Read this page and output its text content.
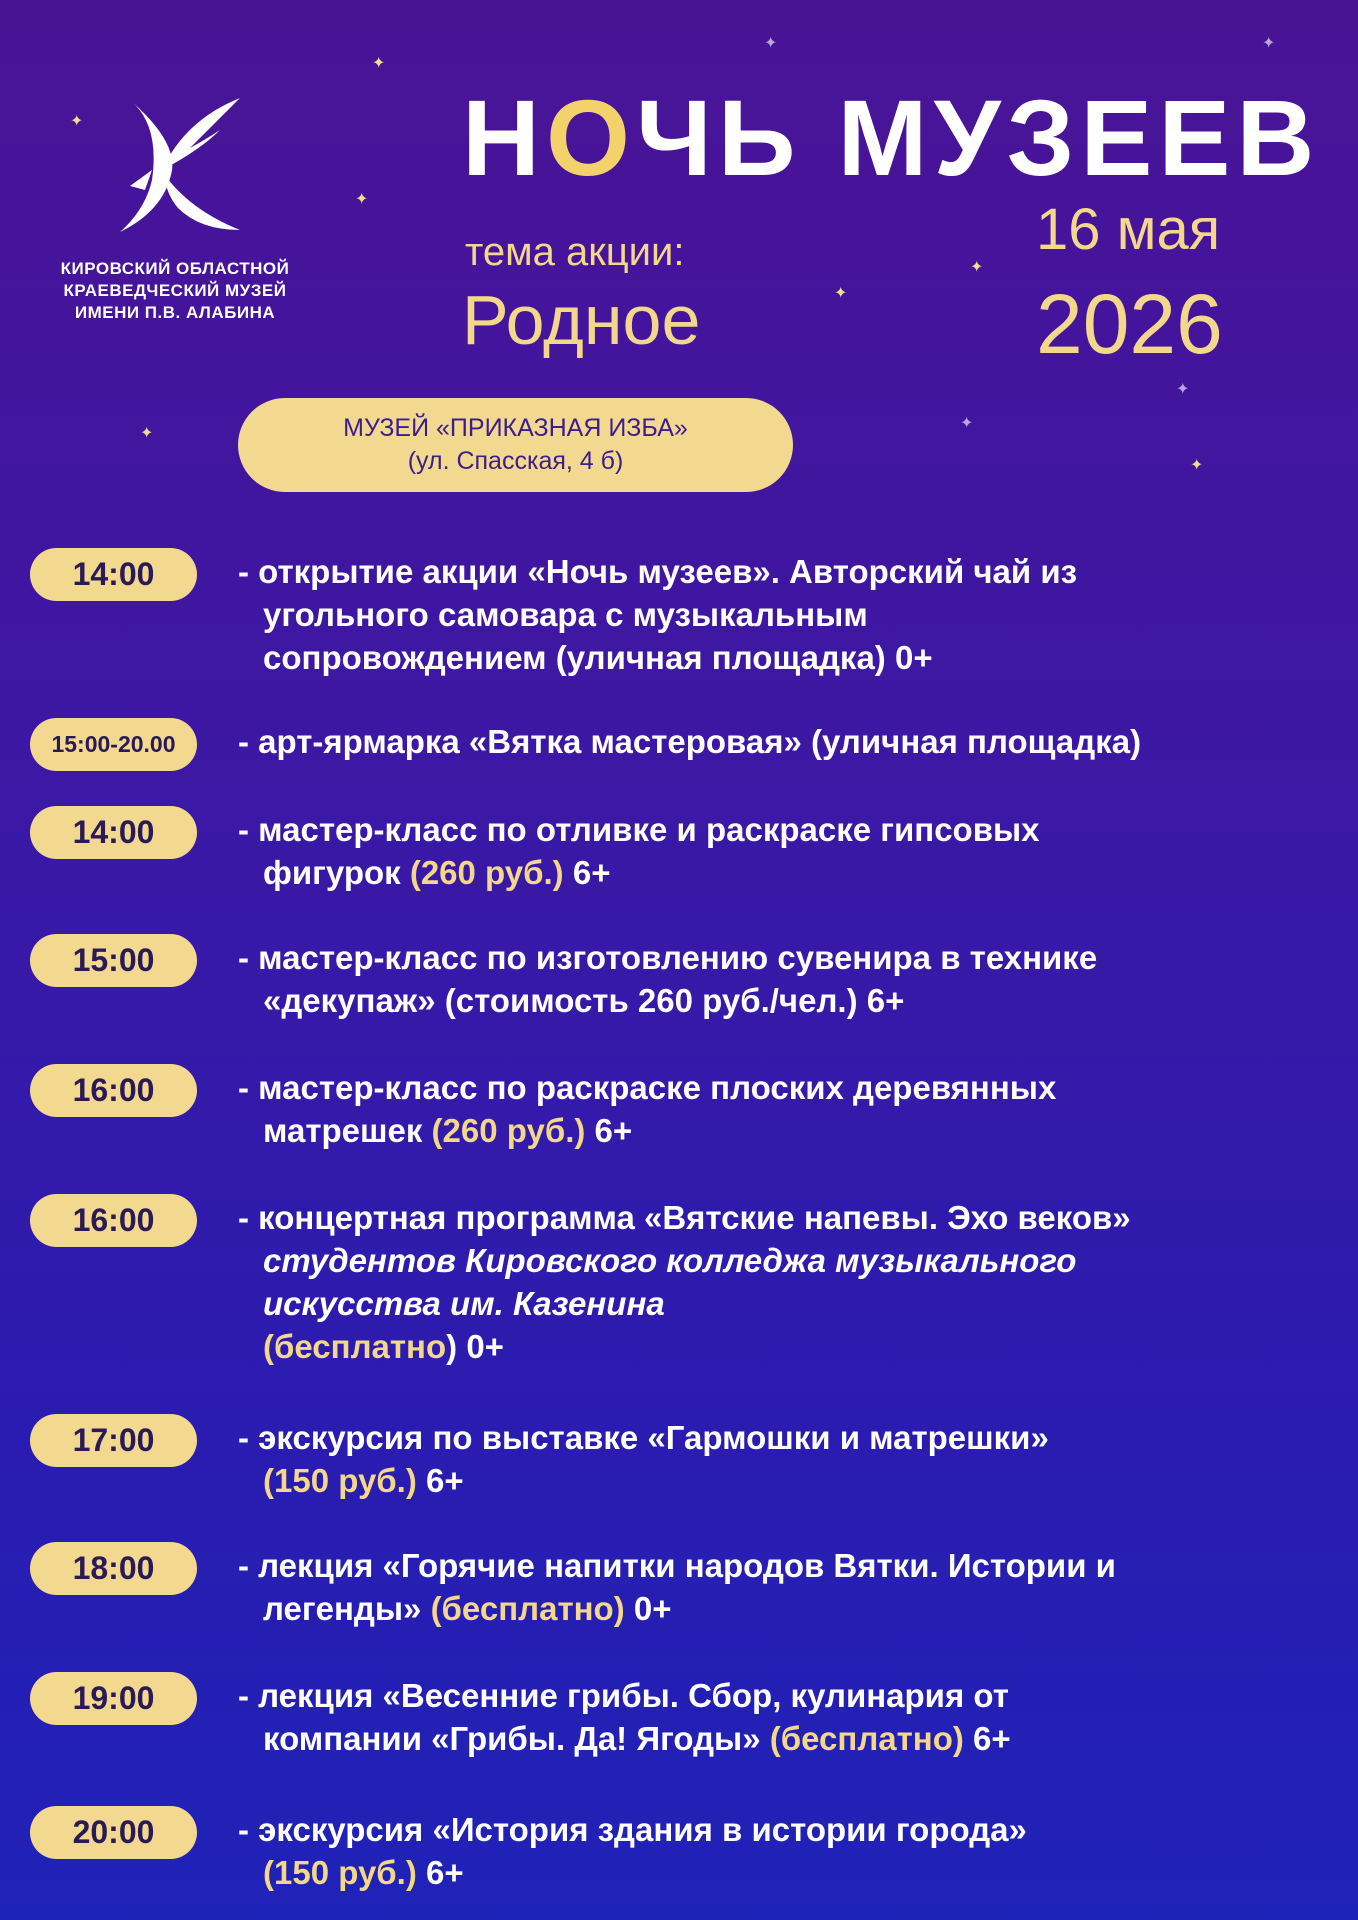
✦
✦	✦
✦
✦
✦
✦
✦
✦
✦
✦
КИРОВСКИЙ ОБЛАСТНОЙ
КРАЕВЕДЧЕСКИЙ МУЗЕЙ
ИМЕНИ П.В. АЛАБИНА
НОЧЬ МУЗЕЕВ
тема акции:
Родное
16 мая
2026
МУЗЕЙ «ПРИКАЗНАЯ ИЗБА»
(ул. Спасская, 4 б)
14:00	- открытие акции «Ночь музеев». Авторский чай из
угольного самовара с музыкальным
сопровождением (уличная площадка) 0+
15:00-20.00	- арт-ярмарка «Вятка мастеровая» (уличная площадка)
14:00	- мастер-класс по отливке и раскраске гипсовых
фигурок (260 руб.) 6+
15:00	- мастер-класс по изготовлению сувенира в технике
«декупаж» (стоимость 260 руб./чел.) 6+
16:00	- мастер-класс по раскраске плоских деревянных
матрешек (260 руб.) 6+
16:00	- концертная программа «Вятские напевы. Эхо веков»
студентов Кировского колледжа музыкального
искусства им. Казенина
(бесплатно) 0+
17:00	- экскурсия по выставке «Гармошки и матрешки»
(150 руб.) 6+
18:00	- лекция «Горячие напитки народов Вятки. Истории и
легенды» (бесплатно) 0+
19:00	- лекция «Весенние грибы. Сбор, кулинария от
компании «Грибы. Да! Ягоды» (бесплатно) 6+
20:00	- экскурсия «История здания в истории города»
(150 руб.) 6+
